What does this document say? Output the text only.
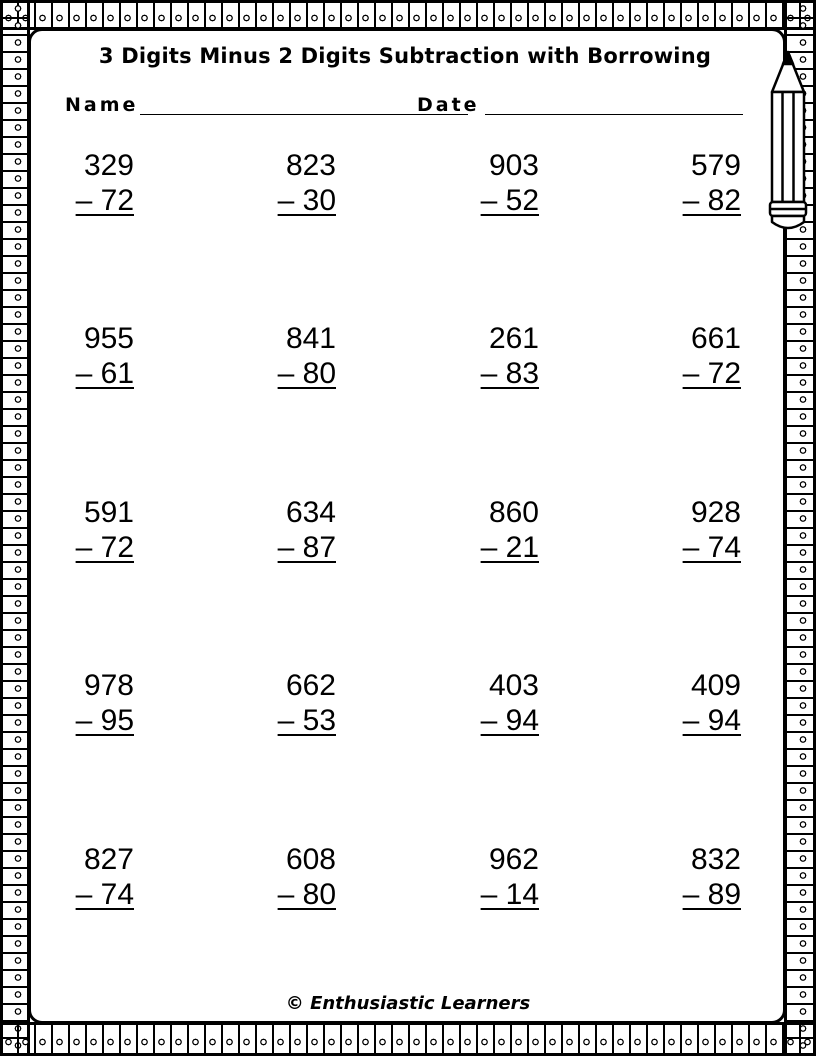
3 Digits Minus 2 Digits Subtraction with Borrowing
Name	Date
329
– 72
823
– 30
903
– 52
579
– 82
955
– 61
841
– 80
261
– 83
661
– 72
591
– 72
634
– 87
860
– 21
928
– 74
978
– 95
662
– 53
403
– 94
409
– 94
827
– 74
608
– 80
962
– 14
832
– 89
© Enthusiastic Learners
